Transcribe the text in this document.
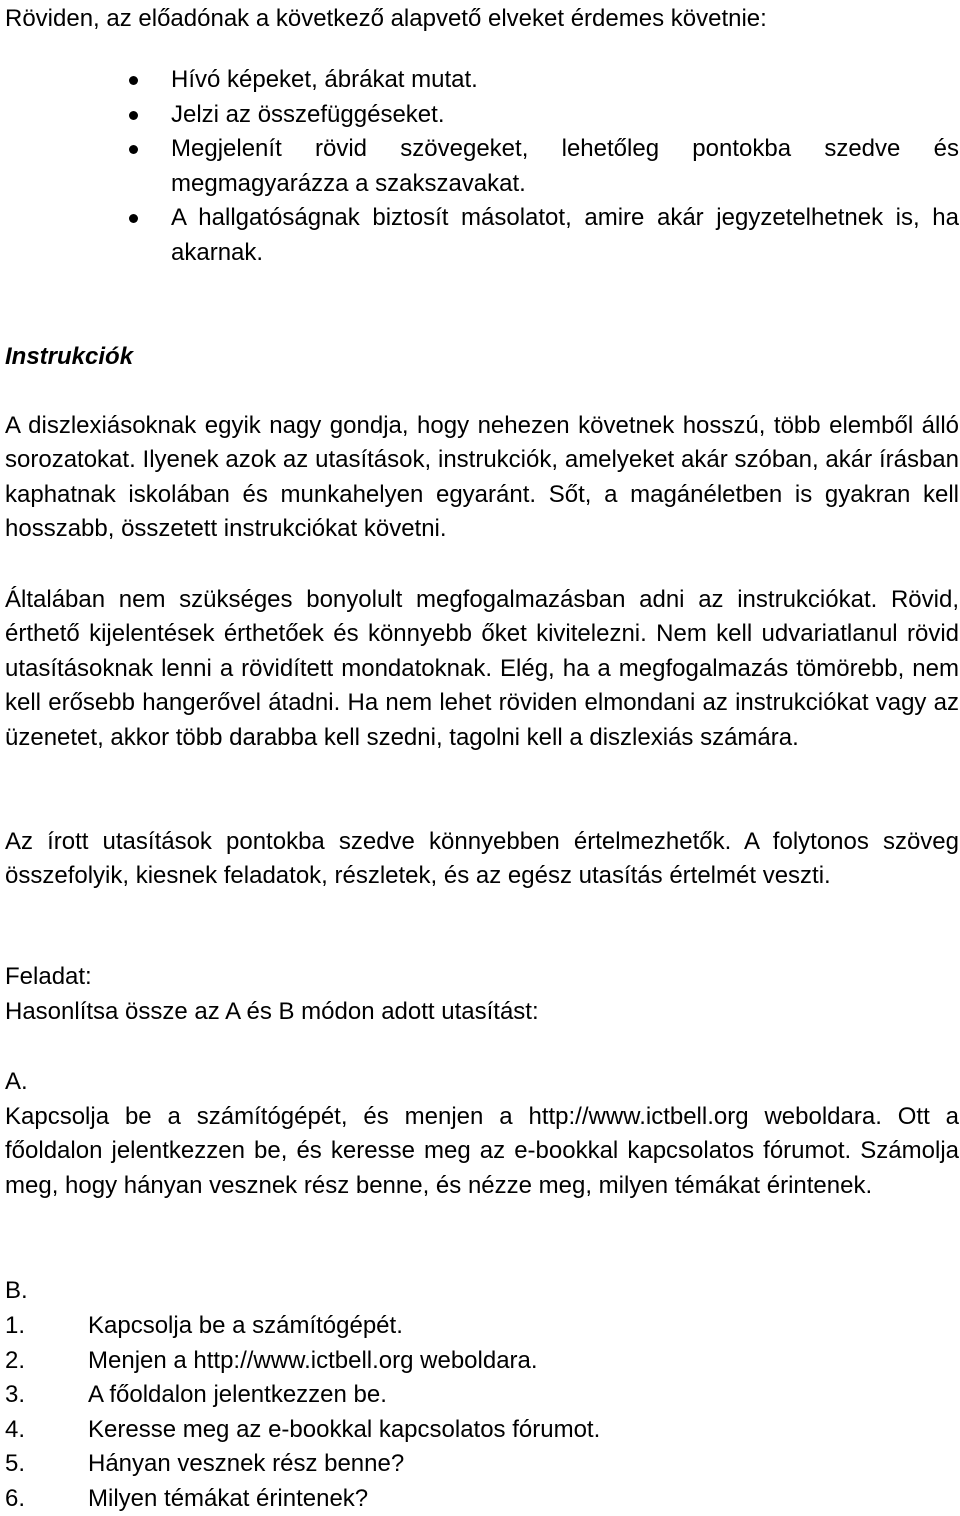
Röviden, az előadónak a következő alapvető elveket érdemes követnie:
Hívó képeket, ábrákat mutat.
Jelzi az összefüggéseket.
Megjelenít rövid szövegeket, lehetőleg pontokba szedve és megmagyarázza a szakszavakat.
A hallgatóságnak biztosít másolatot, amire akár jegyzetelhetnek is, ha akarnak.
Instrukciók

A diszlexiásoknak egyik nagy gondja, hogy nehezen követnek hosszú, több elemből álló sorozatokat. Ilyenek azok az utasítások, instrukciók, amelyeket akár szóban, akár írásban kaphatnak iskolában és munkahelyen egyaránt. Sőt, a magánéletben is gyakran kell hosszabb, összetett instrukciókat követni.

Általában nem szükséges bonyolult megfogalmazásban adni az instrukciókat. Rövid, érthető kijelentések érthetőek és könnyebb őket kivitelezni. Nem kell udvariatlanul rövid utasításoknak lenni a rövidített mondatoknak. Elég, ha a megfogalmazás tömörebb, nem kell erősebb hangerővel átadni. Ha nem lehet röviden elmondani az instrukciókat vagy az üzenetet, akkor több darabba kell szedni, tagolni kell a diszlexiás számára.

Az írott utasítások pontokba szedve könnyebben értelmezhetők. A folytonos szöveg összefolyik, kiesnek feladatok, részletek, és az egész utasítás értelmét veszti.

Feladat:
Hasonlítsa össze az A és B módon adott utasítást:
A.

Kapcsolja be a számítógépét, és menjen a http://www.ictbell.org weboldara. Ott a főoldalon jelentkezzen be, és keresse meg az e-bookkal kapcsolatos fórumot. Számolja meg, hogy hányan vesznek rész benne, és nézze meg, milyen témákat érintenek.

B.
1.	Kapcsolja be a számítógépét.
2.	Menjen a http://www.ictbell.org weboldara.
3.	A főoldalon jelentkezzen be.
4.	Keresse meg az e-bookkal kapcsolatos fórumot.
5.	Hányan vesznek rész benne?
6.	Milyen témákat érintenek?
